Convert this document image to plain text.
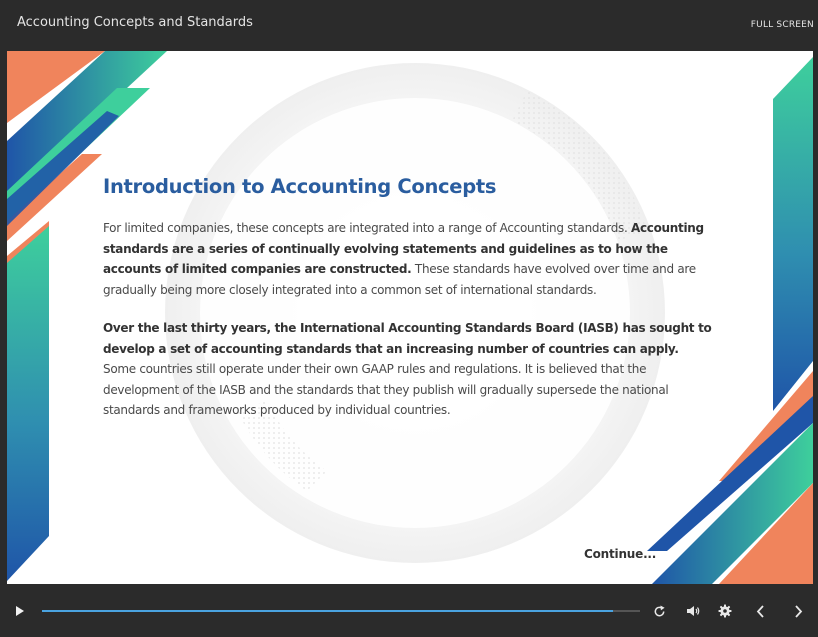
Accounting Concepts and Standards	FULL SCREEN
Introduction to Accounting Concepts

For limited companies, these concepts are integrated into a range of Accounting standards. Accounting standards are a series of continually evolving statements and guidelines as to how the accounts of limited companies are constructed. These standards have evolved over time and are gradually being more closely integrated into a common set of international standards.

Over the last thirty years, the International Accounting Standards Board (IASB) has sought to develop a set of accounting standards that an increasing number of countries can apply. Some countries still operate under their own GAAP rules and regulations. It is believed that the development of the IASB and the standards that they publish will gradually supersede the national standards and frameworks produced by individual countries.

Continue...
